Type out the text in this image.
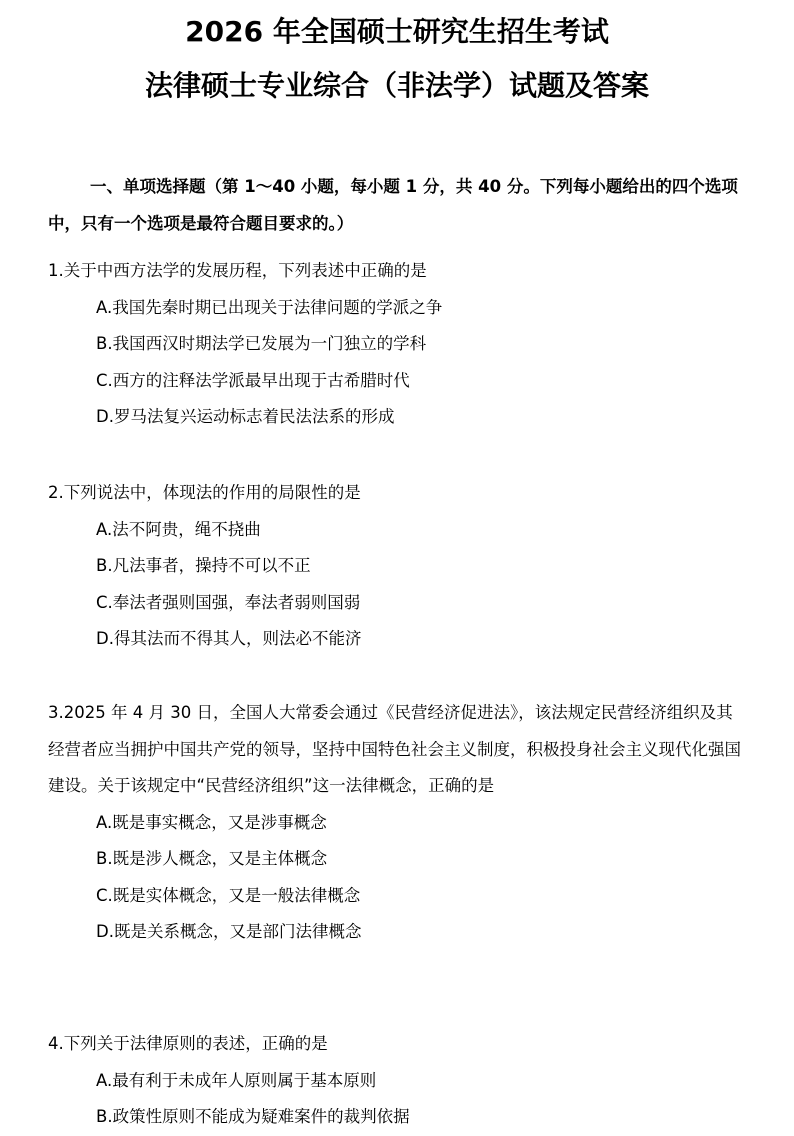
2026 年全国硕士研究生招生考试
法律硕士专业综合（非法学）试题及答案

一、单项选择题（第 1～40 小题，每小题 1 分，共 40 分。下列每小题给出的四个选项中，只有一个选项是最符合题目要求的。）

1.关于中西方法学的发展历程，下列表述中正确的是

A.我国先秦时期已出现关于法律问题的学派之争

B.我国西汉时期法学已发展为一门独立的学科

C.西方的注释法学派最早出现于古希腊时代

D.罗马法复兴运动标志着民法法系的形成

2.下列说法中，体现法的作用的局限性的是

A.法不阿贵，绳不挠曲

B.凡法事者，操持不可以不正

C.奉法者强则国强，奉法者弱则国弱

D.得其法而不得其人，则法必不能济

3.2025 年 4 月 30 日，全国人大常委会通过《民营经济促进法》，该法规定民营经济组织及其经营者应当拥护中国共产党的领导，坚持中国特色社会主义制度，积极投身社会主义现代化强国建设。关于该规定中“民营经济组织”这一法律概念，正确的是

A.既是事实概念，又是涉事概念

B.既是涉人概念，又是主体概念

C.既是实体概念，又是一般法律概念

D.既是关系概念，又是部门法律概念

4.下列关于法律原则的表述，正确的是

A.最有利于未成年人原则属于基本原则

B.政策性原则不能成为疑难案件的裁判依据
